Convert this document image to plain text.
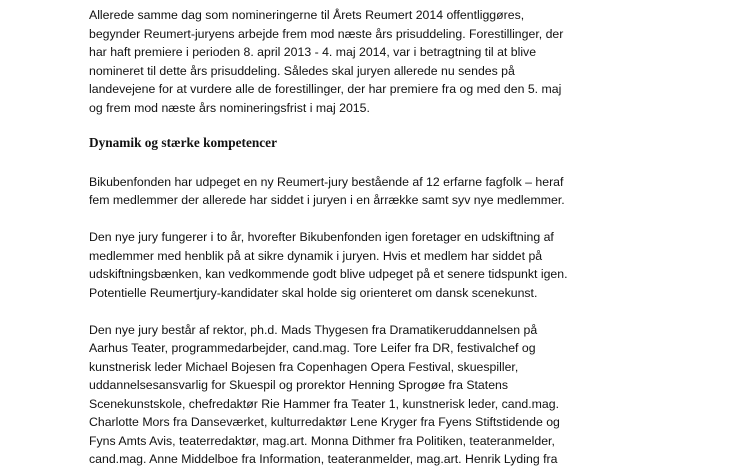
Allerede samme dag som nomineringerne til Årets Reumert 2014 offentliggøres,
begynder Reumert-juryens arbejde frem mod næste års prisuddeling. Forestillinger, der
har haft premiere i perioden 8. april 2013 - 4. maj 2014, var i betragtning til at blive
nomineret til dette års prisuddeling. Således skal juryen allerede nu sendes på
landevejene for at vurdere alle de forestillinger, der har premiere fra og med den 5. maj
og frem mod næste års nomineringsfrist i maj 2015.

Dynamik og stærke kompetencer

Bikubenfonden har udpeget en ny Reumert-jury bestående af 12 erfarne fagfolk – heraf
fem medlemmer der allerede har siddet i juryen i en årrække samt syv nye medlemmer.

Den nye jury fungerer i to år, hvorefter Bikubenfonden igen foretager en udskiftning af
medlemmer med henblik på at sikre dynamik i juryen. Hvis et medlem har siddet på
udskiftningsbænken, kan vedkommende godt blive udpeget på et senere tidspunkt igen.
Potentielle Reumertjury-kandidater skal holde sig orienteret om dansk scenekunst.

Den nye jury består af rektor, ph.d. Mads Thygesen fra Dramatikeruddannelsen på
Aarhus Teater, programmedarbejder, cand.mag. Tore Leifer fra DR, festivalchef og
kunstnerisk leder Michael Bojesen fra Copenhagen Opera Festival, skuespiller,
uddannelsesansvarlig for Skuespil og prorektor Henning Sprogøe fra Statens
Scenekunstskole, chefredaktør Rie Hammer fra Teater 1, kunstnerisk leder, cand.mag.
Charlotte Mors fra Danseværket, kulturredaktør Lene Kryger fra Fyens Stiftstidende og
Fyns Amts Avis, teaterredaktør, mag.art. Monna Dithmer fra Politiken, teateranmelder,
cand.mag. Anne Middelboe fra Information, teateranmelder, mag.art. Henrik Lyding fra
